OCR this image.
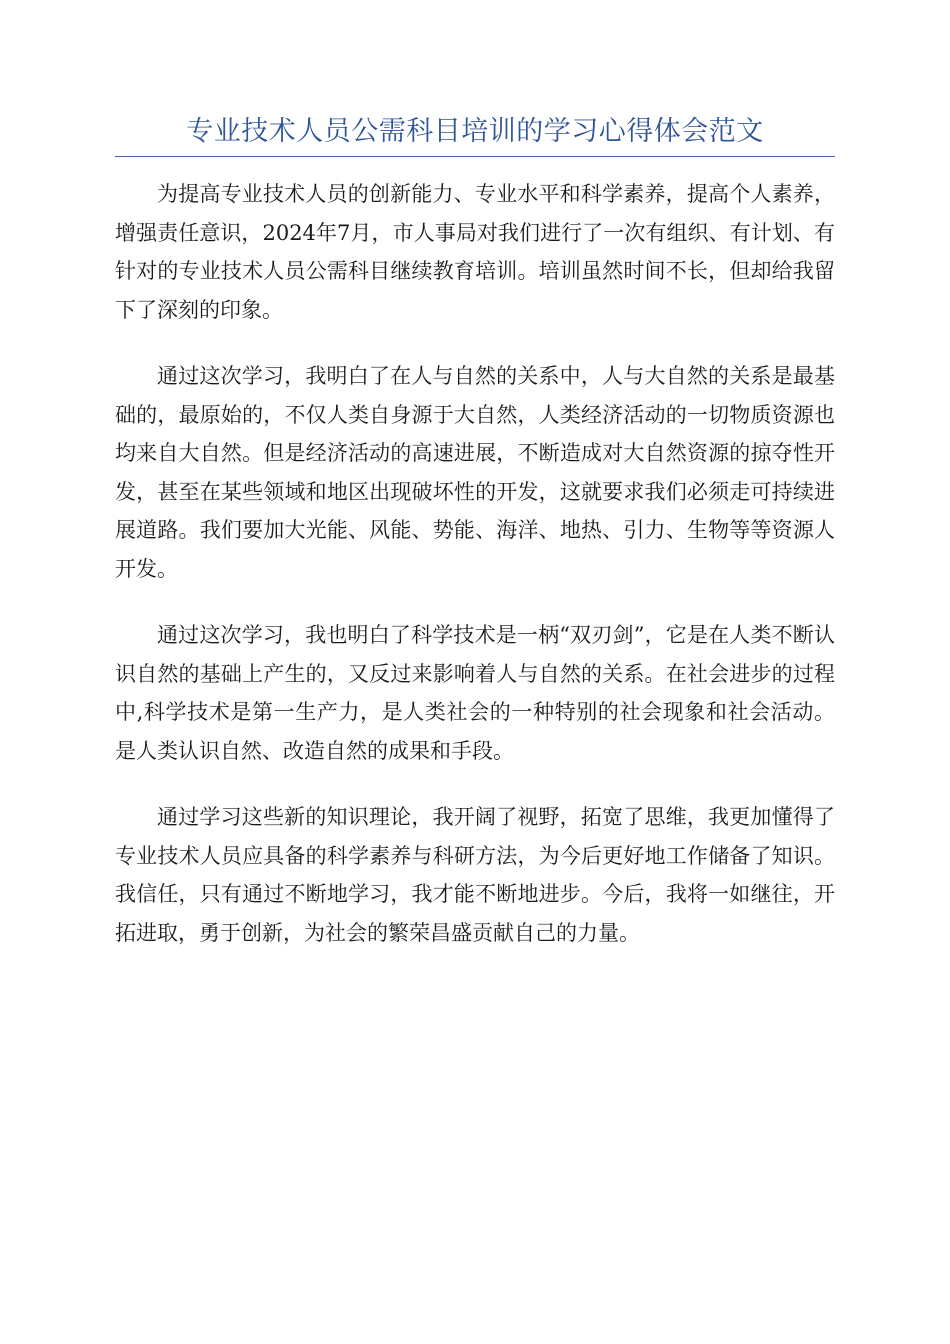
专业技术人员公需科目培训的学习心得体会范文

为提高专业技术人员的创新能力、专业水平和科学素养，提高个人素养，增强责任意识，2024年7月，市人事局对我们进行了一次有组织、有计划、有针对的专业技术人员公需科目继续教育培训。培训虽然时间不长，但却给我留下了深刻的印象。

通过这次学习，我明白了在人与自然的关系中，人与大自然的关系是最基础的，最原始的，不仅人类自身源于大自然，人类经济活动的一切物质资源也均来自大自然。但是经济活动的高速进展，不断造成对大自然资源的掠夺性开发，甚至在某些领域和地区出现破坏性的开发，这就要求我们必须走可持续进展道路。我们要加大光能、风能、势能、海洋、地热、引力、生物等等资源人开发。

通过这次学习，我也明白了科学技术是一柄“双刃剑”，它是在人类不断认识自然的基础上产生的，又反过来影响着人与自然的关系。在社会进步的过程中,科学技术是第一生产力，是人类社会的一种特别的社会现象和社会活动。是人类认识自然、改造自然的成果和手段。

通过学习这些新的知识理论，我开阔了视野，拓宽了思维，我更加懂得了专业技术人员应具备的科学素养与科研方法，为今后更好地工作储备了知识。我信任，只有通过不断地学习，我才能不断地进步。今后，我将一如继往，开拓进取，勇于创新，为社会的繁荣昌盛贡献自己的力量。
